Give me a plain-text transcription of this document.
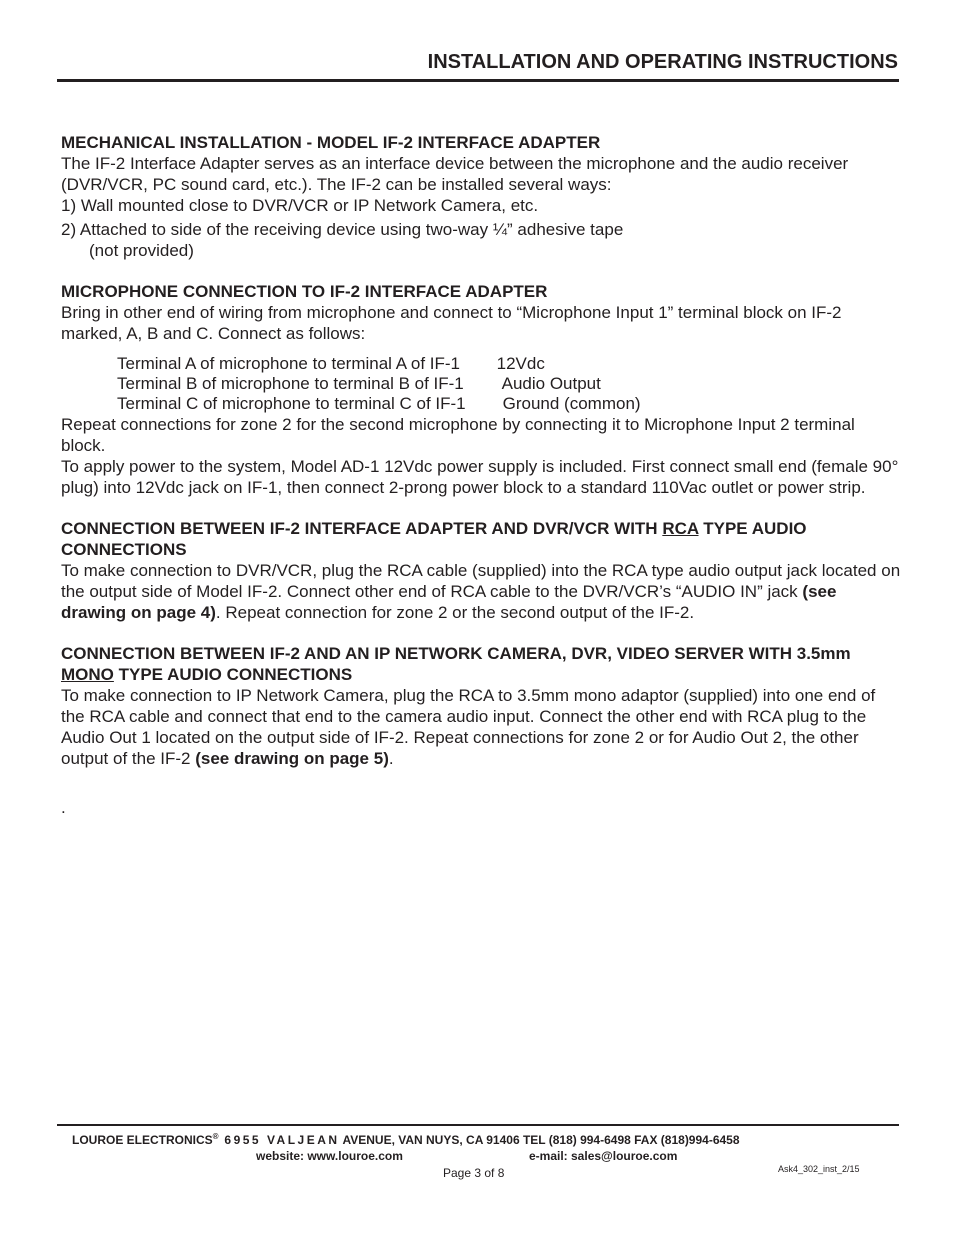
INSTALLATION AND OPERATING INSTRUCTIONS
MECHANICAL INSTALLATION - MODEL IF-2 INTERFACE ADAPTER

The IF-2 Interface Adapter serves as an interface device between the microphone and the audio receiver (DVR/VCR, PC sound card, etc.). The IF-2 can be installed several ways:

1) Wall mounted close to DVR/VCR or IP Network Camera, etc.

2) Attached to side of the receiving device using two-way ¼” adhesive tape
(not provided)

MICROPHONE CONNECTION TO IF-2 INTERFACE ADAPTER

Bring in other end of wiring from microphone and connect to “Microphone Input 1” terminal block on IF-2 marked, A, B and C. Connect as follows:

Terminal A of microphone to terminal A of IF-1	12Vdc
Terminal B of microphone to terminal B of IF-1	Audio Output
Terminal C of microphone to terminal C of IF-1	Ground (common)

Repeat connections for zone 2 for the second microphone by connecting it to Microphone Input 2 terminal block.

To apply power to the system, Model AD-1 12Vdc power supply is included. First connect small end (female 90° plug) into 12Vdc jack on IF-1, then connect 2-prong power block to a standard 110Vac outlet or power strip.

CONNECTION BETWEEN IF-2 INTERFACE ADAPTER AND DVR/VCR WITH RCA TYPE AUDIO CONNECTIONS

To make connection to DVR/VCR, plug the RCA cable (supplied) into the RCA type audio output jack located on the output side of Model IF-2. Connect other end of RCA cable to the DVR/VCR’s “AUDIO IN” jack (see drawing on page 4). Repeat connection for zone 2 or the second output of the IF-2.

CONNECTION BETWEEN IF-2 AND AN IP NETWORK CAMERA, DVR, VIDEO SERVER WITH 3.5mm MONO TYPE AUDIO CONNECTIONS

To make connection to IP Network Camera, plug the RCA to 3.5mm mono adaptor (supplied) into one end of the RCA cable and connect that end to the camera audio input. Connect the other end with RCA plug to the Audio Out 1 located on the output side of IF-2. Repeat connections for zone 2 or for Audio Out 2, the other output of the IF-2 (see drawing on page 5).

.

LOUROE ELECTRONICS® 6955 VALJEAN AVENUE, VAN NUYS, CA 91406 TEL (818) 994-6498 FAX (818)994-6458
website: www.louroe.com	e-mail: sales@louroe.com
Page 3 of 8	Ask4_302_inst_2/15
